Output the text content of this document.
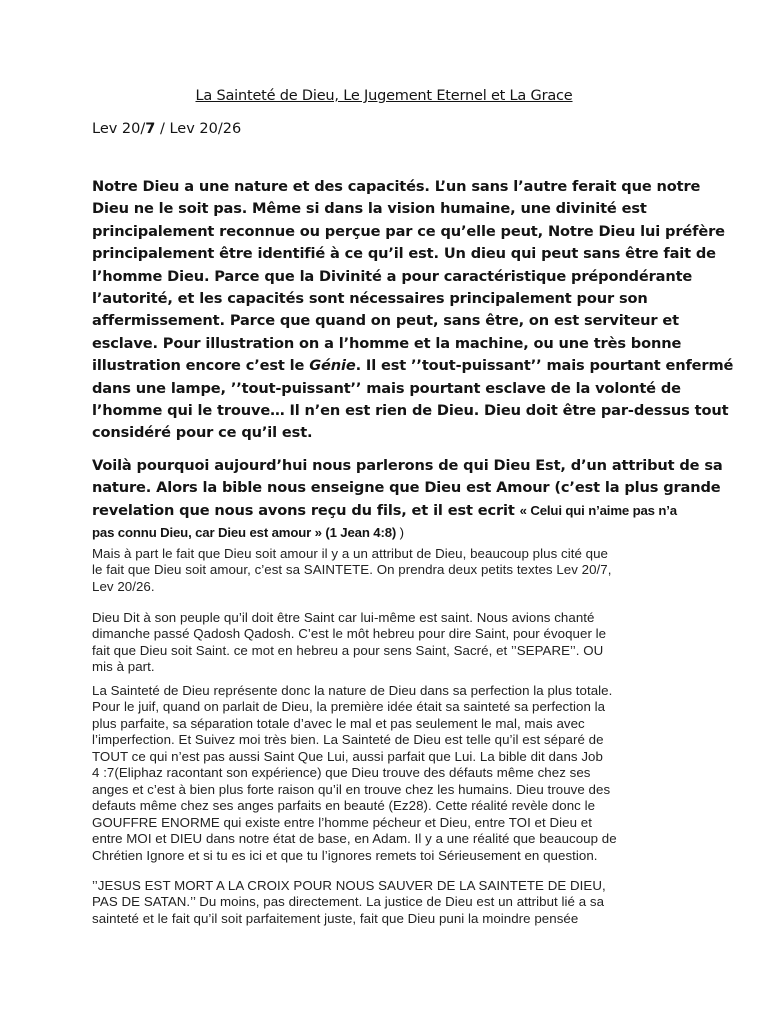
La Sainteté de Dieu, Le Jugement Eternel et La Grace
Lev 20/7 / Lev 20/26
Notre Dieu a une nature et des capacités. L’un sans l’autre ferait que notre
Dieu ne le soit pas. Même si dans la vision humaine, une divinité est
principalement reconnue ou perçue par ce qu’elle peut, Notre Dieu lui préfère
principalement être identifié à ce qu’il est. Un dieu qui peut sans être fait de
l’homme Dieu. Parce que la Divinité a pour caractéristique prépondérante
l’autorité, et les capacités sont nécessaires principalement pour son
affermissement. Parce que quand on peut, sans être, on est serviteur et
esclave. Pour illustration on a l’homme et la machine, ou une très bonne
illustration encore c’est le Génie. Il est ’’tout-puissant’’ mais pourtant enfermé
dans une lampe, ’’tout-puissant’’ mais pourtant esclave de la volonté de
l’homme qui le trouve… Il n’en est rien de Dieu. Dieu doit être par-dessus tout
considéré pour ce qu’il est.
Voilà pourquoi aujourd’hui nous parlerons de qui Dieu Est, d’un attribut de sa
nature. Alors la bible nous enseigne que Dieu est Amour (c’est la plus grande
revelation que nous avons reçu du fils, et il est ecrit « Celui qui n’aime pas n’a
pas connu Dieu, car Dieu est amour » (1 Jean 4:8) )
Mais à part le fait que Dieu soit amour il y a un attribut de Dieu, beaucoup plus cité que
le fait que Dieu soit amour, c’est sa SAINTETE. On prendra deux petits textes Lev 20/7,
Lev 20/26.
Dieu Dit à son peuple qu’il doit être Saint car lui-même est saint. Nous avions chanté
dimanche passé Qadosh Qadosh. C’est le môt hebreu pour dire Saint, pour évoquer le
fait que Dieu soit Saint. ce mot en hebreu a pour sens Saint, Sacré, et ’’SEPARE’’. OU
mis à part.
La Sainteté de Dieu représente donc la nature de Dieu dans sa perfection la plus totale.
Pour le juif, quand on parlait de Dieu, la première idée était sa sainteté sa perfection la
plus parfaite, sa séparation totale d’avec le mal et pas seulement le mal, mais avec
l’imperfection. Et Suivez moi très bien. La Sainteté de Dieu est telle qu’il est séparé de
TOUT ce qui n’est pas aussi Saint Que Lui, aussi parfait que Lui. La bible dit dans Job
4 :7(Eliphaz racontant son expérience) que Dieu trouve des défauts même chez ses
anges et c’est à bien plus forte raison qu’il en trouve chez les humains. Dieu trouve des
defauts même chez ses anges parfaits en beauté (Ez28). Cette réalité revèle donc le
GOUFFRE ENORME qui existe entre l’homme pécheur et Dieu, entre TOI et Dieu et
entre MOI et DIEU dans notre état de base, en Adam. Il y a une réalité que beaucoup de
Chrétien Ignore et si tu es ici et que tu l’ignores remets toi Sérieusement en question.
’’JESUS EST MORT A LA CROIX POUR NOUS SAUVER DE LA SAINTETE DE DIEU,
PAS DE SATAN.’’ Du moins, pas directement. La justice de Dieu est un attribut lié a sa
sainteté et le fait qu’il soit parfaitement juste, fait que Dieu puni la moindre pensée
